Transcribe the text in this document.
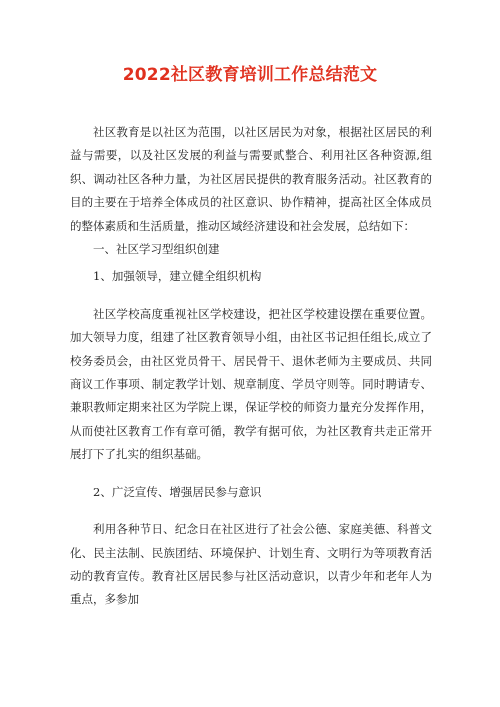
2022社区教育培训工作总结范文

社区教育是以社区为范围，以社区居民为对象，根据社区居民的利益与需要，以及社区发展的利益与需要贰整合、利用社区各种资源,组织、调动社区各种力量，为社区居民提供的教育服务活动。社区教育的目的主要在于培养全体成员的社区意识、协作精神，提高社区全体成员的整体素质和生活质量，推动区域经济建设和社会发展，总结如下：

一、社区学习型组织创建

1、加强领导，建立健全组织机构

社区学校高度重视社区学校建设，把社区学校建设摆在重要位置。加大领导力度，组建了社区教育领导小组，由社区书记担任组长,成立了校务委员会，由社区党员骨干、居民骨干、退休老师为主要成员、共同商议工作事项、制定教学计划、规章制度、学员守则等。同时聘请专、兼职教师定期来社区为学院上课，保证学校的师资力量充分发挥作用，从而使社区教育工作有章可循，教学有据可依，为社区教育共走正常开展打下了扎实的组织基础。

2、广泛宣传、增强居民参与意识

利用各种节日、纪念日在社区进行了社会公德、家庭美德、科普文化、民主法制、民族团结、环境保护、计划生育、文明行为等项教育活动的教育宣传。教育社区居民参与社区活动意识，以青少年和老年人为重点，多参加
